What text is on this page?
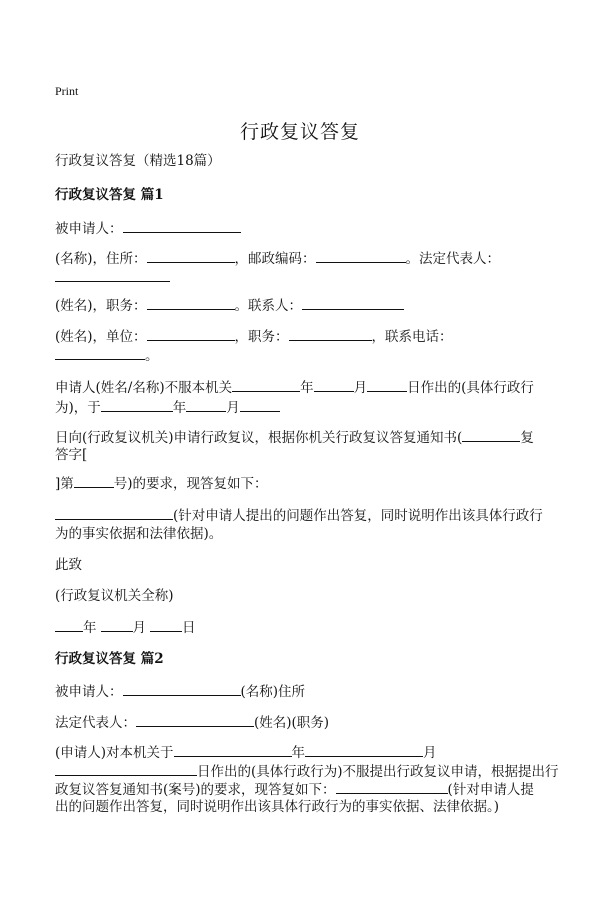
Print
行政复议答复
行政复议答复（精选18篇）
行政复议答复 篇1
被申请人：
(名称)，住所：	，邮政编码：	。法定代表人：
(姓名)，职务：	。联系人：
(姓名)，单位：	，职务：	，联系电话：
。
申请人(姓名/名称)不服本机关	年	月	日作出的(具体行政行
为)，于	年	月
日向(行政复议机关)申请行政复议，根据你机关行政复议答复通知书(	复
答字[
]第	号)的要求，现答复如下：
(针对申请人提出的问题作出答复，同时说明作出该具体行政行
为的事实依据和法律依据)。
此致
(行政复议机关全称)
年	月	日
行政复议答复 篇2
被申请人：	(名称)住所
法定代表人：	(姓名)(职务)
(申请人)对本机关于	年	月
日作出的(具体行政行为)不服提出行政复议申请，根据提出行
政复议答复通知书(案号)的要求，现答复如下：	(针对申请人提
出的问题作出答复，同时说明作出该具体行政行为的事实依据、法律依据。)
